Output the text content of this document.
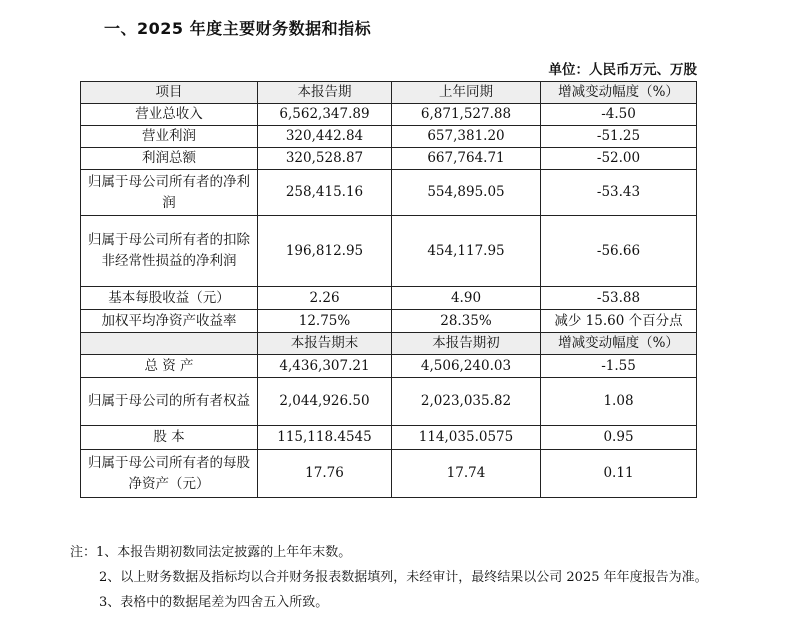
一、2025 年度主要财务数据和指标
单位：人民币万元、万股
项目	本报告期	上年同期	增减变动幅度（%）
营业总收入	6,562,347.89	6,871,527.88	-4.50
营业利润	320,442.84	657,381.20	-51.25
利润总额	320,528.87	667,764.71	-52.00
归属于母公司所有者的净利润	258,415.16	554,895.05	-53.43
归属于母公司所有者的扣除非经常性损益的净利润	196,812.95	454,117.95	-56.66
基本每股收益（元）	2.26	4.90	-53.88
加权平均净资产收益率	12.75%	28.35%	减少 15.60 个百分点
	本报告期末	本报告期初	增减变动幅度（%）
总 资 产	4,436,307.21	4,506,240.03	-1.55
归属于母公司的所有者权益	2,044,926.50	2,023,035.82	1.08
股 本	115,118.4545	114,035.0575	0.95
归属于母公司所有者的每股净资产（元）	17.76	17.74	0.11

注：1、本报告期初数同法定披露的上年年末数。

2、以上财务数据及指标均以合并财务报表数据填列，未经审计，最终结果以公司 2025 年年度报告为准。

3、表格中的数据尾差为四舍五入所致。
